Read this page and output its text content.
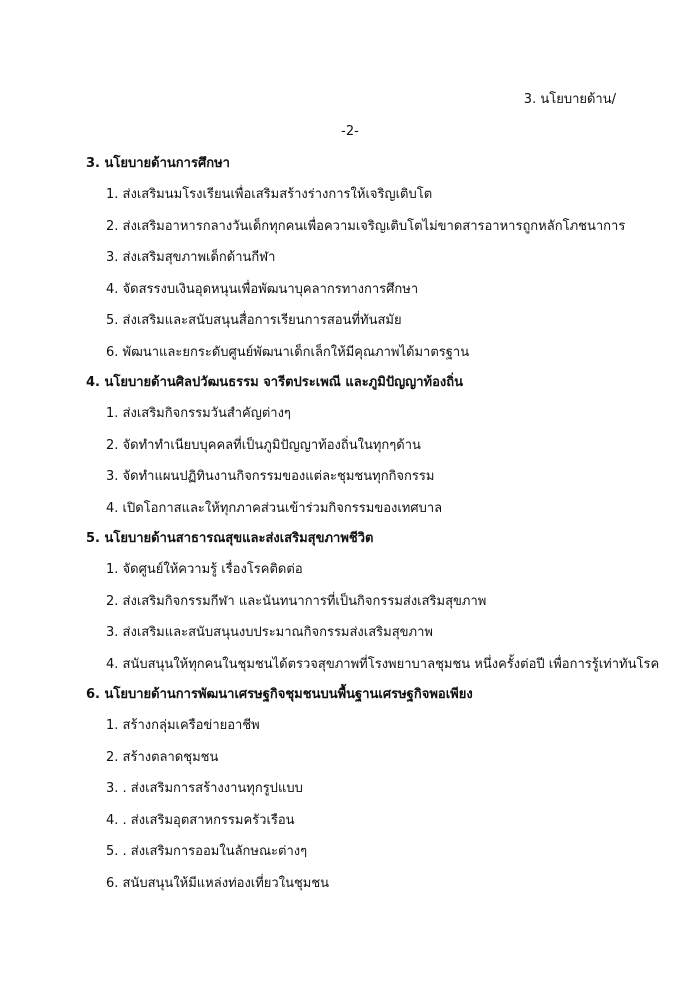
3. นโยบายด้าน/
-2-
3. นโยบายด้านการศึกษา
1. ส่งเสริมนมโรงเรียนเพื่อเสริมสร้างร่างการให้เจริญเติบโต
2. ส่งเสริมอาหารกลางวันเด็กทุกคนเพื่อความเจริญเติบโตไม่ขาดสารอาหารถูกหลักโภชนาการ
3. ส่งเสริมสุขภาพเด็กด้านกีฬา
4. จัดสรรงบเงินอุดหนุนเพื่อพัฒนาบุคลากรทางการศึกษา
5. ส่งเสริมและสนับสนุนสื่อการเรียนการสอนที่ทันสมัย
6. พัฒนาและยกระดับศูนย์พัฒนาเด็กเล็กให้มีคุณภาพได้มาตรฐาน
4. นโยบายด้านศิลปวัฒนธรรม จารีตประเพณี และภูมิปัญญาท้องถิ่น
1. ส่งเสริมกิจกรรมวันสำคัญต่างๆ
2. จัดทำทำเนียบบุคคลที่เป็นภูมิปัญญาท้องถิ่นในทุกๆด้าน
3. จัดทำแผนปฏิทินงานกิจกรรมของแต่ละชุมชนทุกกิจกรรม
4. เปิดโอกาสและให้ทุกภาคส่วนเข้าร่วมกิจกรรมของเทศบาล
5. นโยบายด้านสาธารณสุขและส่งเสริมสุขภาพชีวิต
1. จัดศูนย์ให้ความรู้ เรื่องโรคติดต่อ
2. ส่งเสริมกิจกรรมกีฬา และนันทนาการที่เป็นกิจกรรมส่งเสริมสุขภาพ
3. ส่งเสริมและสนับสนุนงบประมาณกิจกรรมส่งเสริมสุขภาพ
4. สนับสนุนให้ทุกคนในชุมชนได้ตรวจสุขภาพที่โรงพยาบาลชุมชน หนึ่งครั้งต่อปี เพื่อการรู้เท่าทันโรค
6. นโยบายด้านการพัฒนาเศรษฐกิจชุมชนบนพื้นฐานเศรษฐกิจพอเพียง
1. สร้างกลุ่มเครือข่ายอาชีพ
2. สร้างตลาดชุมชน
3. . ส่งเสริมการสร้างงานทุกรูปแบบ
4. . ส่งเสริมอุตสาหกรรมครัวเรือน
5. . ส่งเสริมการออมในลักษณะต่างๆ
6. สนับสนุนให้มีแหล่งท่องเที่ยวในชุมชน
